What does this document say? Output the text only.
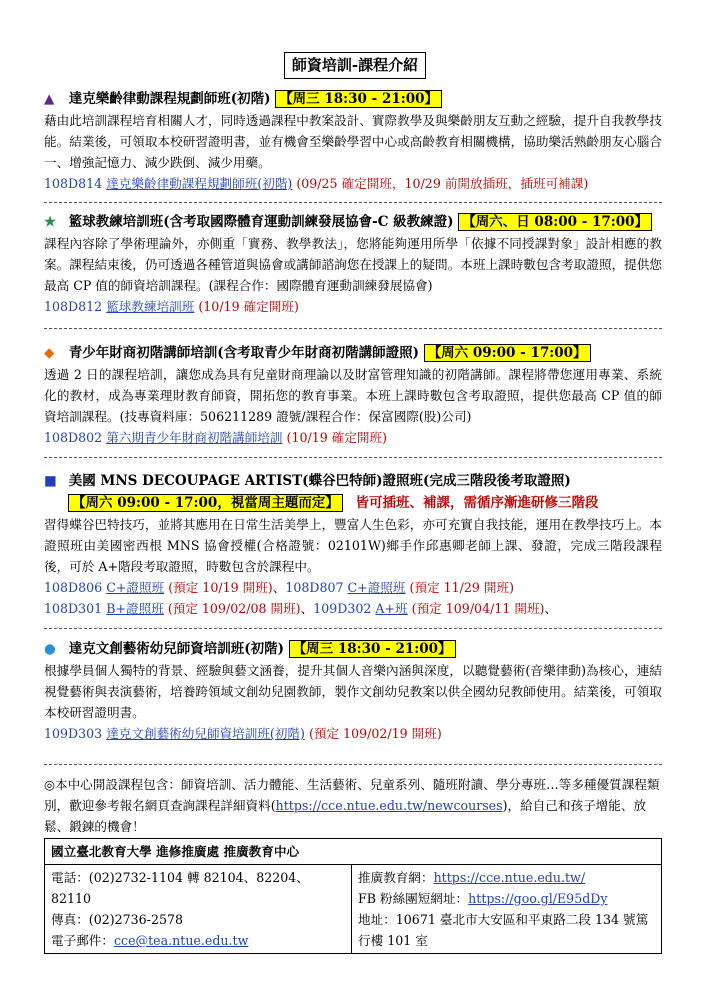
師資培訓-課程介紹
▲ 達克樂齡律動課程規劃師班(初階) 【周三 18:30 - 21:00】
藉由此培訓課程培育相關人才，同時透過課程中教案設計、實際教學及與樂齡朋友互動之經驗，提升自我教學技能。結業後，可領取本校研習證明書，並有機會至樂齡學習中心或高齡教育相關機構，協助樂活熟齡朋友心腦合一、增強記憶力、減少跌倒、減少用藥。
108D814 達克樂齡律動課程規劃師班(初階) (09/25 確定開班，10/29 前開放插班，插班可補課)
★ 籃球教練培訓班(含考取國際體育運動訓練發展協會-C 級教練證) 【周六、日 08:00 - 17:00】
課程內容除了學術理論外，亦側重「實務、教學教法」，您將能夠運用所學「依據不同授課對象」設計相應的教案。課程結束後，仍可透過各種管道與協會或講師諮詢您在授課上的疑問。本班上課時數包含考取證照，提供您最高 CP 值的師資培訓課程。(課程合作：國際體育運動訓練發展協會)
108D812 籃球教練培訓班 (10/19 確定開班)
◆ 青少年財商初階講師培訓(含考取青少年財商初階講師證照) 【周六 09:00 - 17:00】
透過 2 日的課程培訓，讓您成為具有兒童財商理論以及財富管理知識的初階講師。課程將帶您運用專業、系統化的教材，成為專業理財教育師資，開拓您的教育事業。本班上課時數包含考取證照，提供您最高 CP 值的師資培訓課程。(技專資料庫：506211289 證號/課程合作：保富國際(股)公司)
108D802 第六期青少年財商初階講師培訓 (10/19 確定開班)
■ 美國 MNS DECOUPAGE ARTIST(蝶谷巴特師)證照班(完成三階段後考取證照)
【周六 09:00 - 17:00，視當周主題而定】 皆可插班、補課，需循序漸進研修三階段
習得蝶谷巴特技巧，並將其應用在日常生活美學上，豐富人生色彩，亦可充實自我技能，運用在教學技巧上。本證照班由美國密西根 MNS 協會授權(合格證號：02101W)鄉手作邱惠卿老師上課、發證，完成三階段課程後，可於 A+階段考取證照，時數包含於課程中。
108D806 C+證照班 (預定 10/19 開班)、108D807 C+證照班 (預定 11/29 開班)
108D301 B+證照班 (預定 109/02/08 開班)、109D302 A+班 (預定 109/04/11 開班)、
● 達克文創藝術幼兒師資培訓班(初階) 【周三 18:30 - 21:00】
根據學員個人獨特的背景、經驗與藝文涵養，提升其個人音樂內涵與深度，以聽覺藝術(音樂律動)為核心，連結視覺藝術與表演藝術，培養跨領域文創幼兒園教師，製作文創幼兒教案以供全國幼兒教師使用。結業後，可領取本校研習證明書。
109D303 達克文創藝術幼兒師資培訓班(初階) (預定 109/02/19 開班)
◎本中心開設課程包含：師資培訓、活力體能、生活藝術、兒童系列、隨班附讀、學分專班…等多種優質課程類別，歡迎參考報名網頁查詢課程詳細資料(https://cce.ntue.edu.tw/newcourses)，給自己和孩子增能、放鬆、鍛鍊的機會！
國立臺北教育大學 進修推廣處 推廣教育中心

電話：(02)2732-1104 轉 82104、82204、82110
傳真：(02)2736-2578
電子郵件：cce@tea.ntue.edu.tw

推廣教育網：https://cce.ntue.edu.tw/
FB 粉絲團短網址：https://goo.gl/E95dDy
地址：10671 臺北市大安區和平東路二段 134 號篤行樓 101 室
